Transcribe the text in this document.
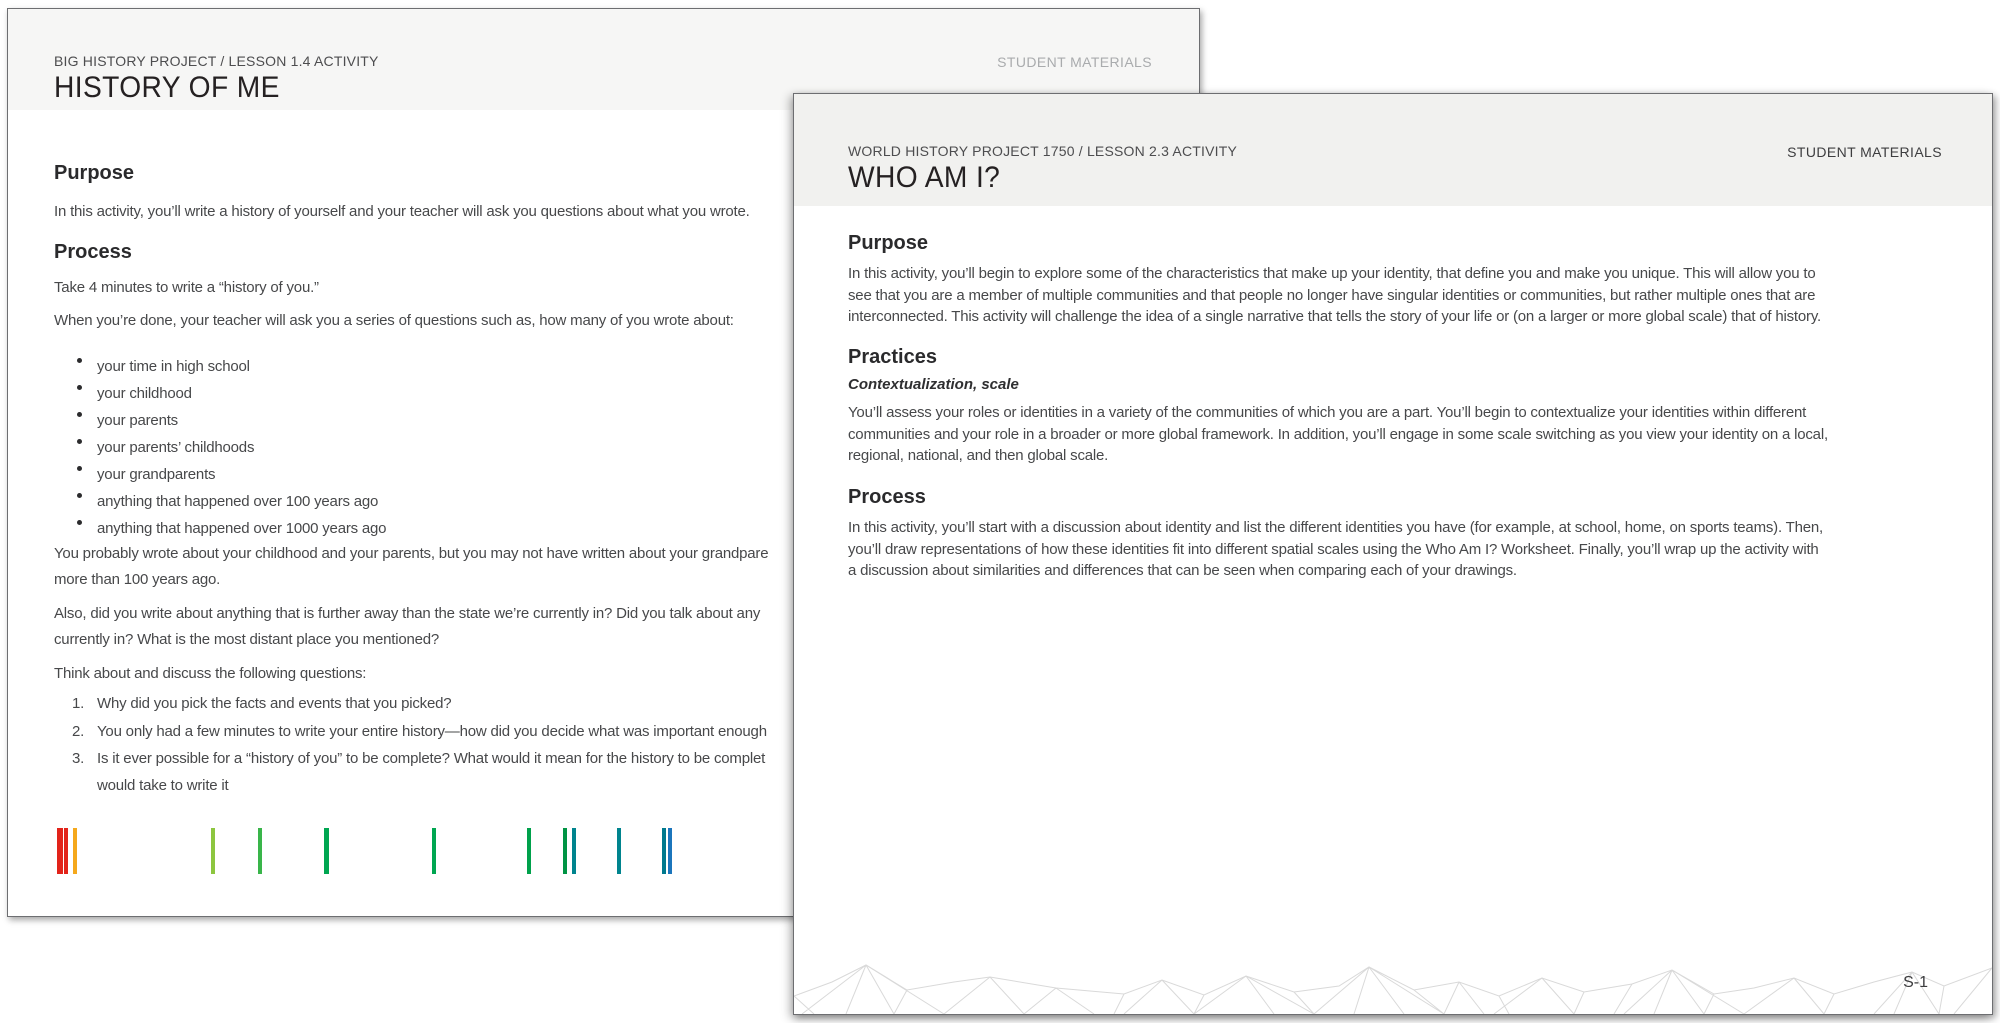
BIG HISTORY PROJECT / LESSON 1.4 ACTIVITY
HISTORY OF ME
STUDENT MATERIALS
Purpose
In this activity, you’ll write a history of yourself and your teacher will ask you questions about what you wrote.
Process
Take 4 minutes to write a “history of you.”
When you’re done, your teacher will ask you a series of questions such as, how many of you wrote about:
your time in high school
your childhood
your parents
your parents’ childhoods
your grandparents
anything that happened over 100 years ago
anything that happened over 1000 years ago
You probably wrote about your childhood and your parents, but you may not have written about your grandpare
more than 100 years ago.
Also, did you write about anything that is further away than the state we’re currently in? Did you talk about any
currently in? What is the most distant place you mentioned?
Think about and discuss the following questions:
1. Why did you pick the facts and events that you picked?
2. You only had a few minutes to write your entire history—how did you decide what was important enough
3. Is it ever possible for a “history of you” to be complete? What would it mean for the history to be complet
would take to write it
WORLD HISTORY PROJECT 1750 / LESSON 2.3 ACTIVITY
WHO AM I?
STUDENT MATERIALS
Purpose
In this activity, you’ll begin to explore some of the characteristics that make up your identity, that define you and make you unique. This will allow you to
see that you are a member of multiple communities and that people no longer have singular identities or communities, but rather multiple ones that are
interconnected. This activity will challenge the idea of a single narrative that tells the story of your life or (on a larger or more global scale) that of history.
Practices
Contextualization, scale
You’ll assess your roles or identities in a variety of the communities of which you are a part. You’ll begin to contextualize your identities within different
communities and your role in a broader or more global framework. In addition, you’ll engage in some scale switching as you view your identity on a local,
regional, national, and then global scale.
Process
In this activity, you’ll start with a discussion about identity and list the different identities you have (for example, at school, home, on sports teams). Then,
you’ll draw representations of how these identities fit into different spatial scales using the Who Am I? Worksheet. Finally, you’ll wrap up the activity with
a discussion about similarities and differences that can be seen when comparing each of your drawings.
S-1
